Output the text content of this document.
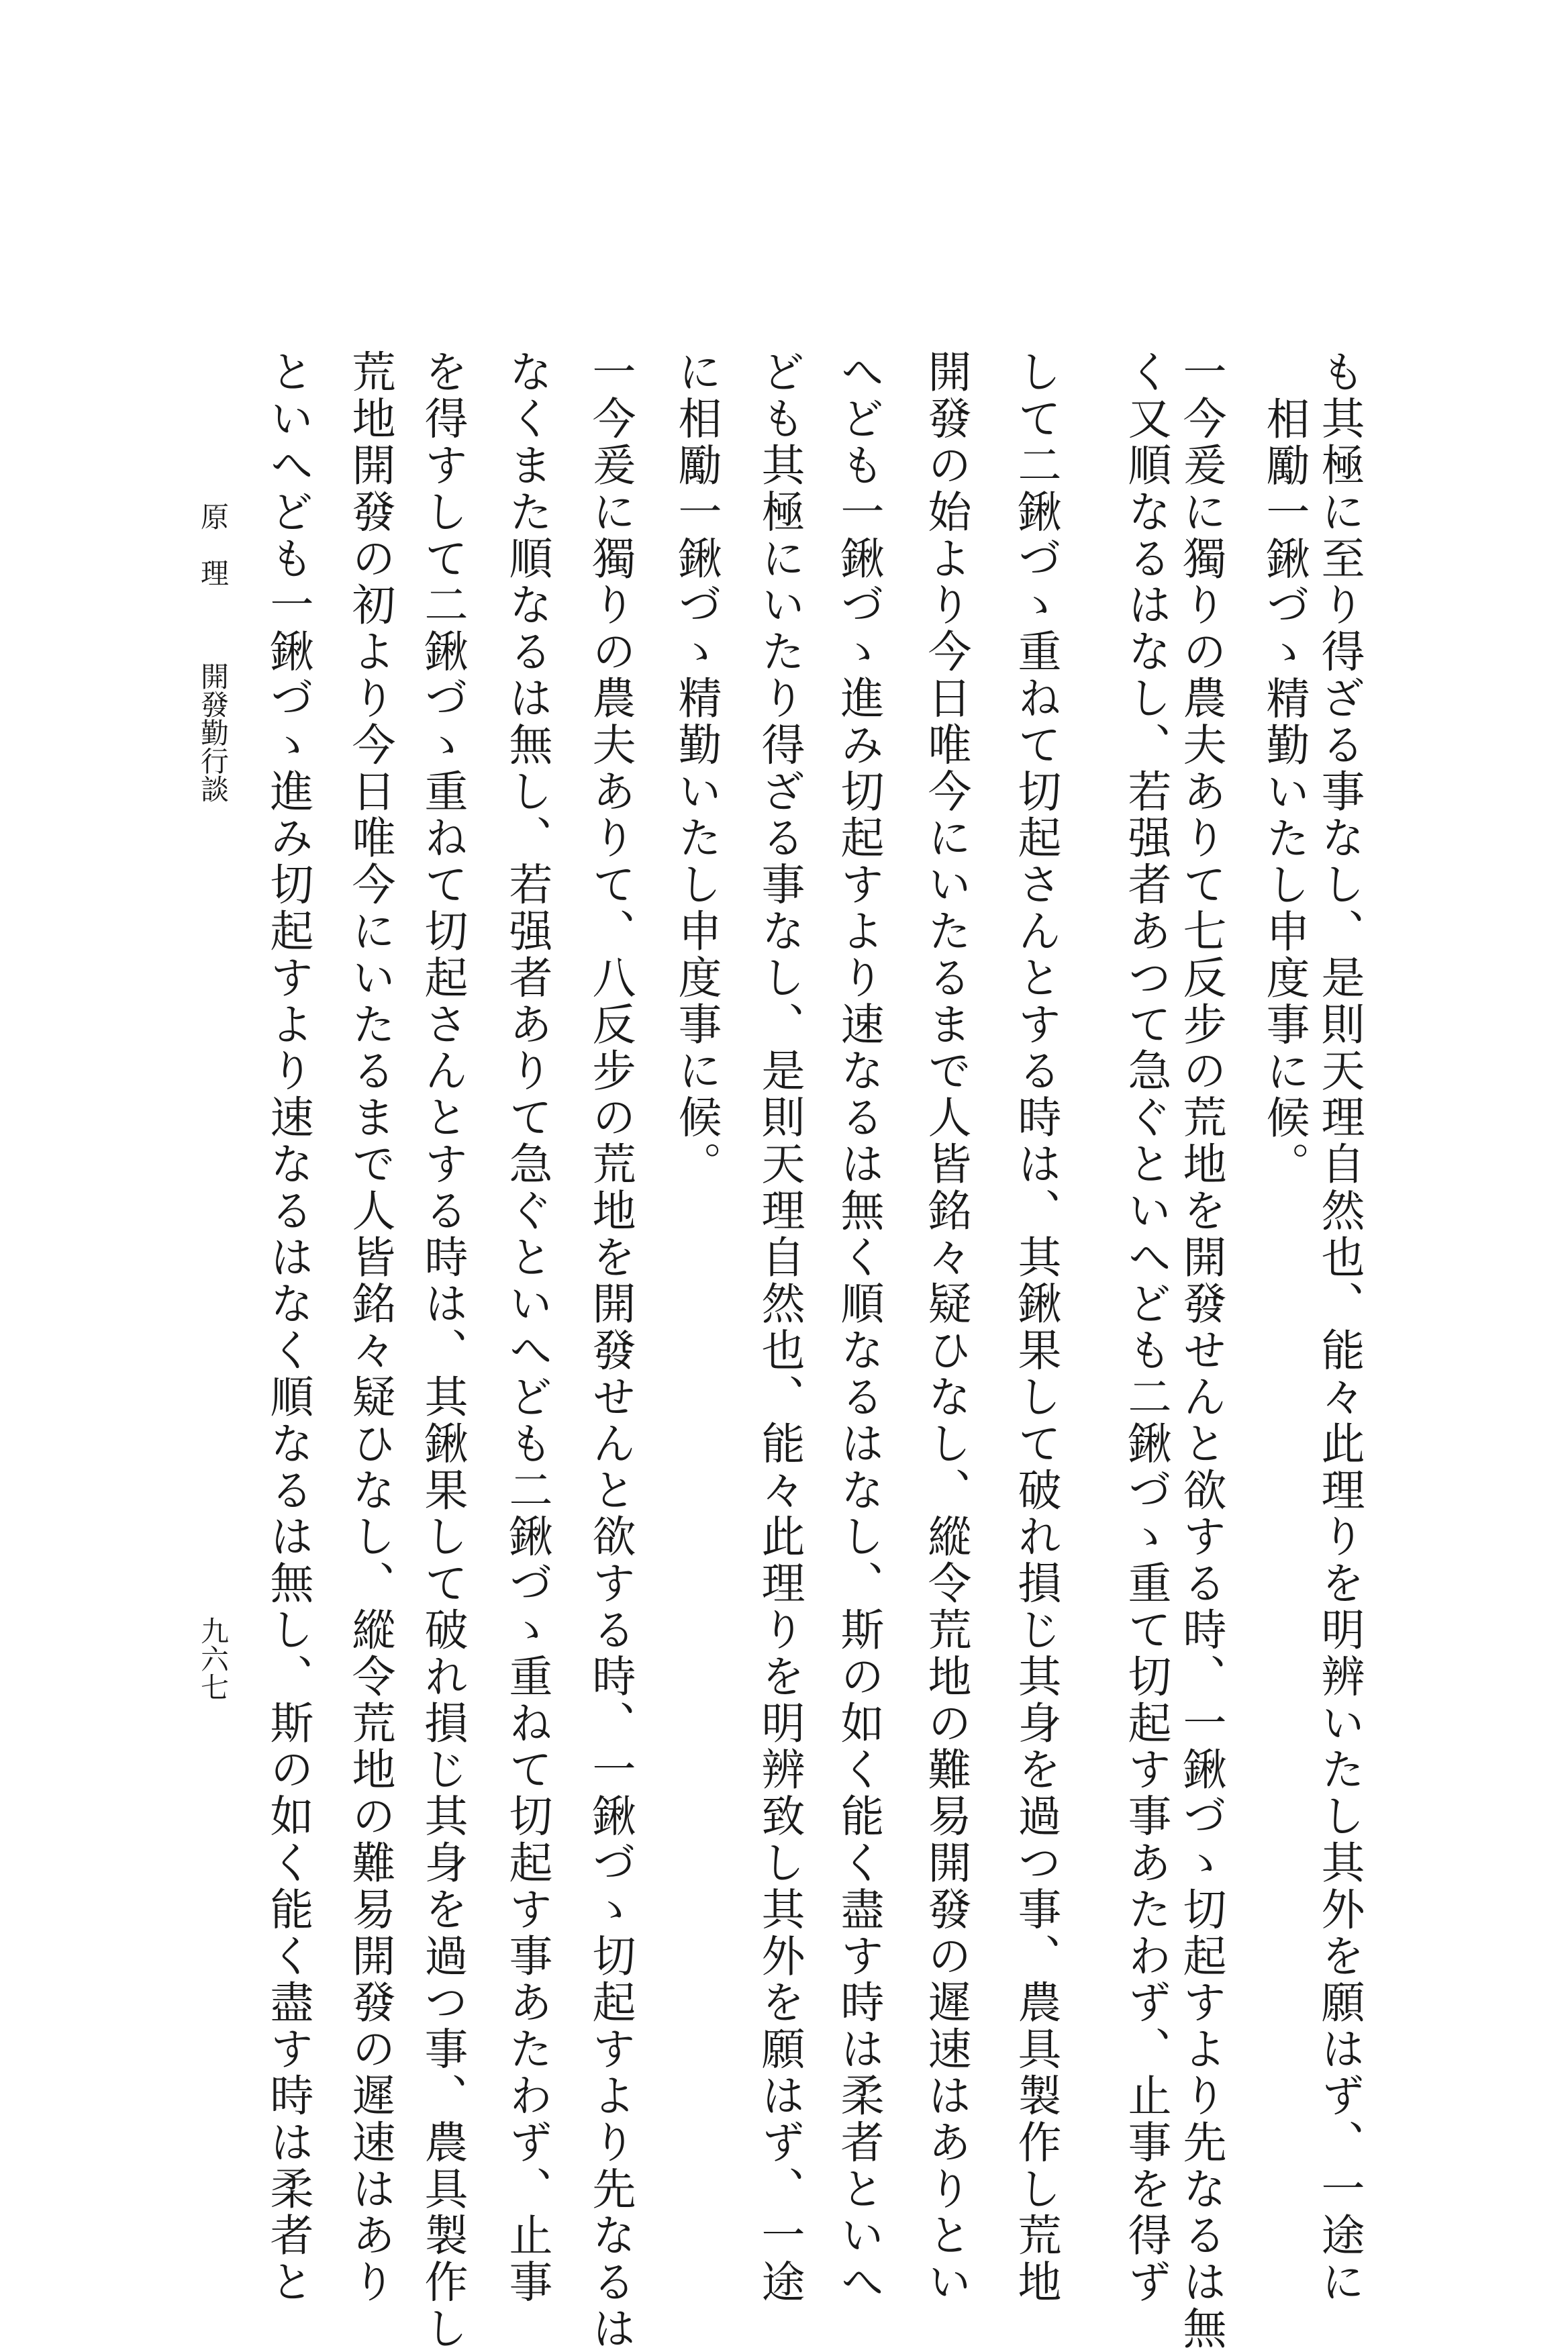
も其極に至り得ざる事なし、是則天理自然也、能々此理りを明辨いたし其外を願はず、一途に
相勵一鍬づゝ精勤いたし申度事に候。
一今爰に獨りの農夫ありて七反步の荒地を開發せんと欲する時、一鍬づゝ切起すより先なるは無
く又順なるはなし、若强者あつて急ぐといへども二鍬づゝ重て切起す事あたわず、止事を得ず
して二鍬づゝ重ねて切起さんとする時は、其鍬果して破れ損じ其身を過つ事、農具製作し荒地
開發の始より今日唯今にいたるまで人皆銘々疑ひなし、縱令荒地の難易開發の遲速はありとい
へども一鍬づゝ進み切起すより速なるは無く順なるはなし、斯の如く能く盡す時は柔者といへ
ども其極にいたり得ざる事なし、是則天理自然也、能々此理りを明辨致し其外を願はず、一途
に相勵一鍬づゝ精勤いたし申度事に候。
一今爰に獨りの農夫ありて、八反步の荒地を開發せんと欲する時、一鍬づゝ切起すより先なるは
なくまた順なるは無し、若强者ありて急ぐといへども二鍬づゝ重ねて切起す事あたわず、止事
を得すして二鍬づゝ重ねて切起さんとする時は、其鍬果して破れ損じ其身を過つ事、農具製作し
荒地開發の初より今日唯今にいたるまで人皆銘々疑ひなし、縱令荒地の難易開發の遲速はあり
といへども一鍬づゝ進み切起すより速なるはなく順なるは無し、斯の如く能く盡す時は柔者と
原　理
開發勤行談
九六七
